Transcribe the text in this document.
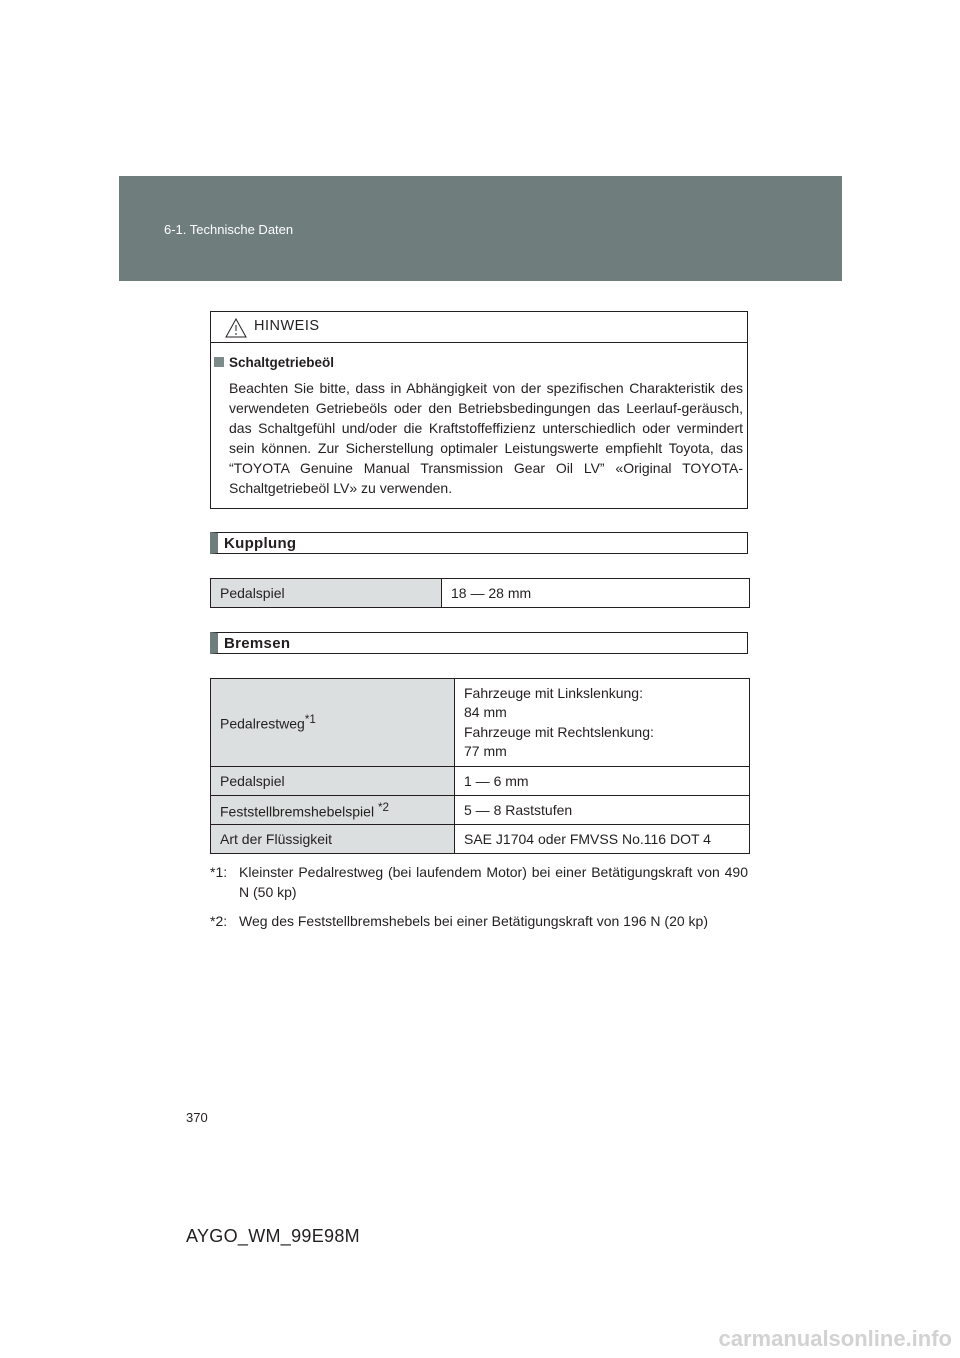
6-1. Technische Daten
HINWEIS
Schaltgetriebeöl
Beachten Sie bitte, dass in Abhängigkeit von der spezifischen Charakteristik des verwendeten Getriebeöls oder den Betriebsbedingungen das Leerlauf-geräusch, das Schaltgefühl und/oder die Kraftstoffeffizienz unterschiedlich oder vermindert sein können. Zur Sicherstellung optimaler Leistungswerte empfiehlt Toyota, das “TOYOTA Genuine Manual Transmission Gear Oil LV” «Original TOYOTA-Schaltgetriebeöl LV» zu verwenden.
Kupplung
Pedalspiel	18 — 28 mm
Bremsen
Pedalrestweg$^{*1}$	Fahrzeuge mit Linkslenkung:
84 mm
Fahrzeuge mit Rechtslenkung:
77 mm

Pedalspiel	1 — 6 mm
Feststellbremshebelspiel $^{*2}$	5 — 8 Raststufen
Art der Flüssigkeit	SAE J1704 oder FMVSS No.116 DOT 4
*1: Kleinster Pedalrestweg (bei laufendem Motor) bei einer Betätigungskraft von 490 N (50 kp)
*2: Weg des Feststellbremshebels bei einer Betätigungskraft von 196 N (20 kp)
370
AYGO_WM_99E98M
carmanualsonline.info
